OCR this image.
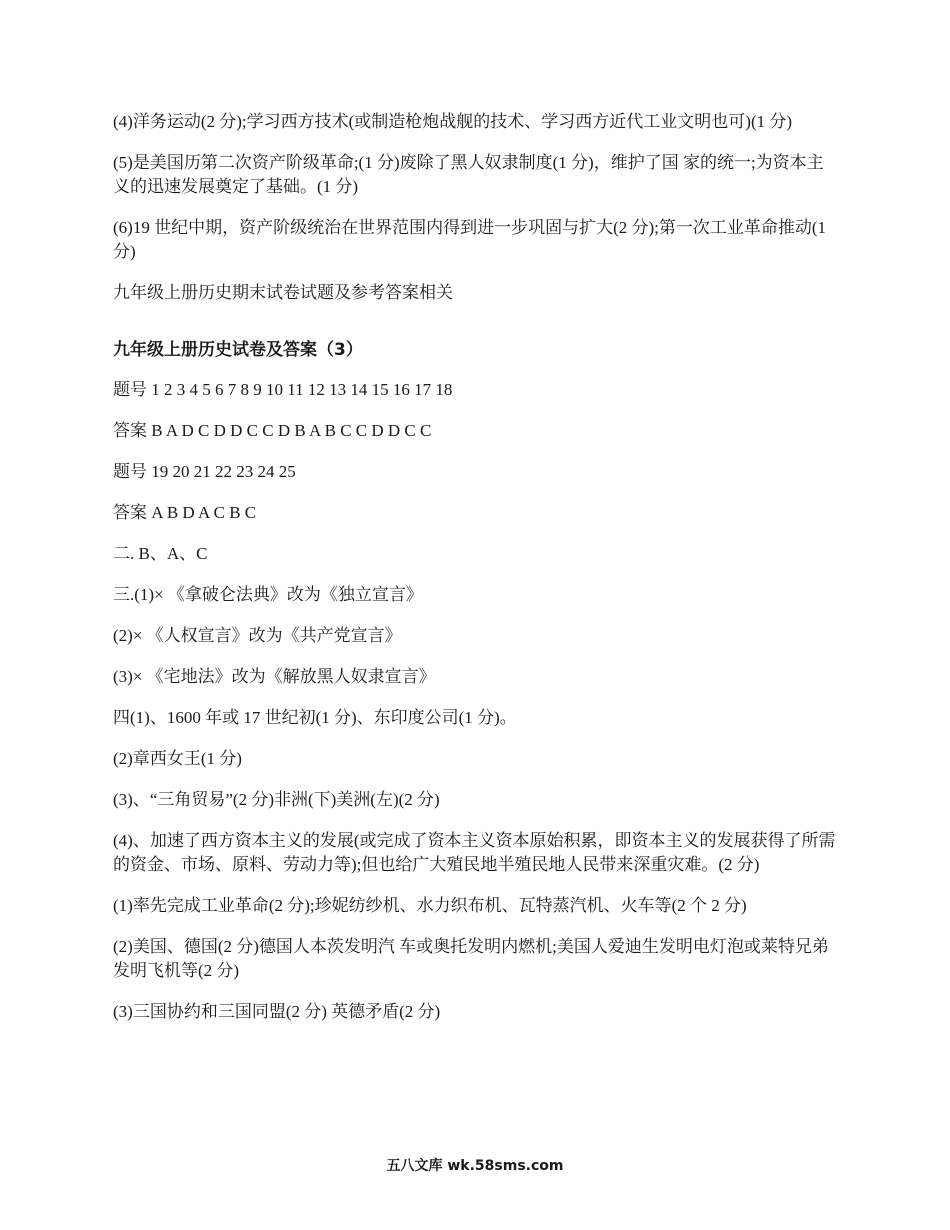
(4)洋务运动(2 分);学习西方技术(或制造枪炮战舰的技术、学习西方近代工业文明也可)(1 分)

(5)是美国历第二次资产阶级革命;(1 分)废除了黑人奴隶制度(1 分)，维护了国 家的统一;为资本主义的迅速发展奠定了基础。(1 分)

(6)19 世纪中期，资产阶级统治在世界范围内得到进一步巩固与扩大(2 分);第一次工业革命推动(1 分)

九年级上册历史期末试卷试题及参考答案相关

九年级上册历史试卷及答案（3）

题号 1 2 3 4 5 6 7 8 9 10 11 12 13 14 15 16 17 18

答案 B A D C D D C C D B A B C C D D C C

题号 19 20 21 22 23 24 25

答案 A B D A C B C

二. B、A、C

三.(1)× 《拿破仑法典》改为《独立宣言》

(2)× 《人权宣言》改为《共产党宣言》

(3)× 《宅地法》改为《解放黑人奴隶宣言》

四(1)、1600 年或 17 世纪初(1 分)、东印度公司(1 分)。

(2)章西女王(1 分)

(3)、“三角贸易”(2 分)非洲(下)美洲(左)(2 分)

(4)、加速了西方资本主义的发展(或完成了资本主义资本原始积累，即资本主义的发展获得了所需的资金、市场、原料、劳动力等);但也给广大殖民地半殖民地人民带来深重灾难。(2 分)

(1)率先完成工业革命(2 分);珍妮纺纱机、水力织布机、瓦特蒸汽机、火车等(2 个 2 分)

(2)美国、德国(2 分)德国人本茨发明汽 车或奥托发明内燃机;美国人爱迪生发明电灯泡或莱特兄弟发明飞机等(2 分)

(3)三国协约和三国同盟(2 分) 英德矛盾(2 分)

五八文库 wk.58sms.com
